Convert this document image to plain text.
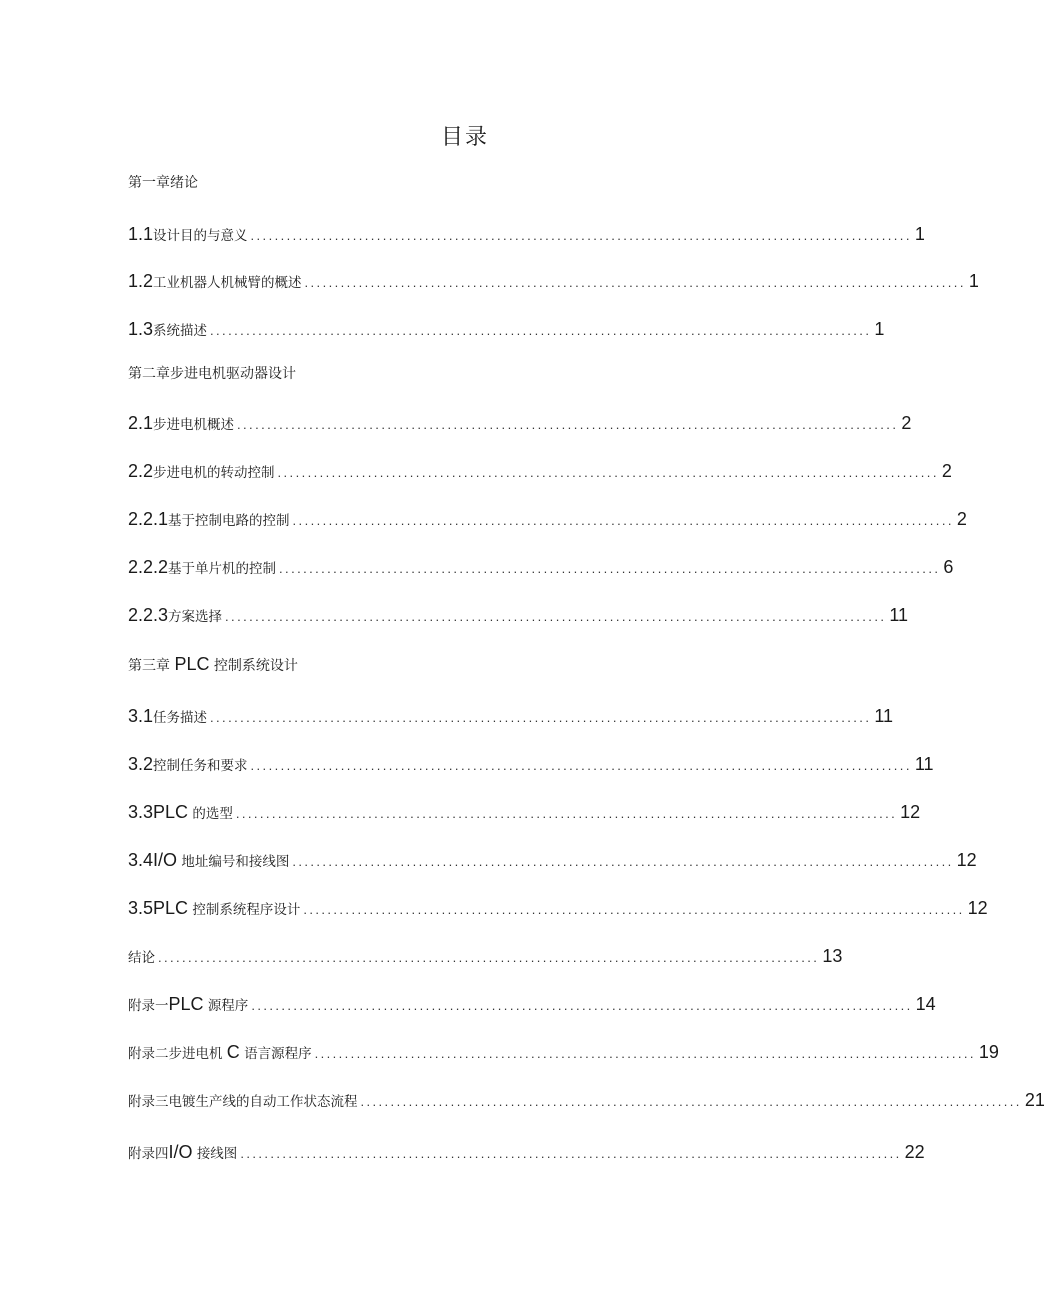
目录
第一章绪论
1.1 设计目的与意义 .............................................................................................................. 1
1.2 工业机器人机械臂的概述 .............................................................................................................. 1
1.3 系统描述 .............................................................................................................. 1
第二章步进电机驱动器设计
2.1 步进电机概述 .............................................................................................................. 2
2.2 步进电机的转动控制 .............................................................................................................. 2
2.2.1 基于控制电路的控制 .............................................................................................................. 2
2.2.2 基于单片机的控制 .............................................................................................................. 6
2.2.3 方案选择 .............................................................................................................. 11
第三章 PLC 控制系统设计
3.1 任务描述 .............................................................................................................. 11
3.2 控制任务和要求 .............................................................................................................. 11
3.3 PLC 的选型 .............................................................................................................. 12
3.4 I/O 地址编号和接线图 .............................................................................................................. 12
3.5 PLC 控制系统程序设计 .............................................................................................................. 12
结论 .............................................................................................................. 13
附录一PLC 源程序 .............................................................................................................. 14
附录二步进电机 C 语言源程序 .............................................................................................................. 19
附录三电镀生产线的自动工作状态流程 .............................................................................................................. 21
附录四I/O 接线图 .............................................................................................................. 22
